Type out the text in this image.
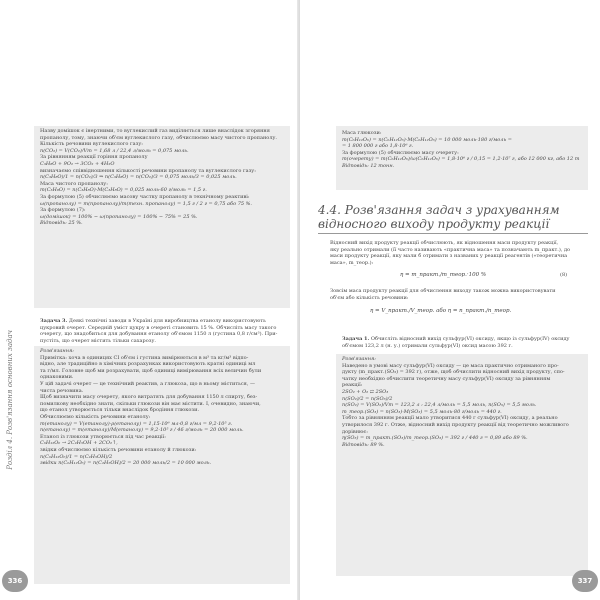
Назву домішок є інертними, то вуглекислий газ виділяється лише внаслідок згоряння
пропанолу, тому, знаючи об'єм вуглекислого газу, обчислюємо масу чистого пропанолу.
Кількість речовини вуглекислого газу:
n(CO₂) = V(CO₂)/Vm = 1,68 л / 22,4 л/моль = 0,075 моль.
За рівнянням реакції горіння пропанолу
C₃H₈O + 9O₂ → 3CO₂ + 4H₂O
визначаємо співвідношення кількості речовини пропанолу та вуглекислого газу:
n(C₃H₈O)/1 = n(CO₂)/3 ⇒ n(C₃H₈O) = n(CO₂)/3 = 0,075 моль/3 = 0,025 моль.
Маса чистого пропанолу:
m(C₃H₈O) = n(C₃H₈O)·M(C₃H₈O) = 0,025 моль·60 г/моль = 1,5 г.
За формулою (5) обчислюємо масову частку пропанолу в технічному реактиві:
ω(пропанолу) = m(пропанолу)/m(техн. пропанолу) = 1,5 г / 2 г = 0,75 або 75 %.
За формулою (7):
ω(домішок) = 100% − ω(пропанолу) = 100% − 75% = 25 %.
Відповідь: 25 %.
Задача 3. Деякі технічні заводи в Україні для виробництва етанолу використовують
цукровий очерет. Середній уміст цукру в очереті становить 15 %. Обчисліть масу такого
очерету, що знадобиться для добування етанолу об'ємом 1150 л (густина 0,8 г/см³). При-
пустіть, що очерет містить тільки сахарозу.
Розв'язання:
Примітка: хоча в одиницях СІ об'єм і густина вимірюються в м³ та кг/м³ відпо-
відно, але традиційно в хімічних розрахунках використовують кратні одиниці мл
та г/мл. Головне щоб ми розрахувати, щоб одиниці вимірювання всіх величин були
однаковими.
У цій задачі очерет — це технічний реактив, а глюкоза, що в ньому міститься, —
чиста речовина.
Щоб визначити масу очерету, якого витратять для добування 1150 л спирту, без-
помилкову необхідно знати, скільки глюкози він має містити. І, очевидно, знаючи,
що етанол утворюється тільки внаслідок бродіння глюкози.
Обчислюємо кількість речовини етанолу:
m(етанолу) = V(етанолу)·ρ(етанолу) = 1,15·10⁶ мл·0,8 г/мл = 9,2·10⁵ г.
n(етанолу) = m(етанолу)/M(етанолу) = 9,2·10⁵ г / 46 г/моль = 20 000 моль.
Етанол із глюкози утворюється під час реакції:
C₆H₁₂O₆ → 2C₂H₅OH + 2CO₂↑,
звідки обчислюємо кількість речовини етанолу й глюкози:
n(C₆H₁₂O₆)/1 = n(C₂H₅OH)/2
звідки n(C₆H₁₂O₆) = n(C₂H₅OH)/2 = 20 000 моль/2 = 10 000 моль.
Розділ 4. Розв'язання основних задач
336
Маса глюкози:
m(C₆H₁₂O₆) = n(C₆H₁₂O₆)·M(C₆H₁₂O₆) = 10 000 моль·180 г/моль =
= 1 800 000 г або 1,8·10⁶ г.
За формулою (5) обчислюємо масу очерету:
m(очерету) = m(C₆H₁₂O₆)/ω(C₆H₁₂O₆) = 1,8·10⁶ г / 0,15 = 1,2·10⁷ г, або 12 000 кг, або 12 т
Відповідь: 12 тонн.
4.4. Розв'язання задач з урахуванням відносного виходу продукту реакції
Відносний вихід продукту реакції обчислюють, як відношення маси продукту реакції,
яку реально отримали (її часто називають «практична маса» та позначають m_практ.), до
маси продукту реакції, яку мали б отримати з названих у реакції реагентів («теоретична
маса», m_теор.):
η = m_практ./m_теор.·100 %	(8)
Зовсім маса продукту реакції для обчислення виходу також можна використовувати
об'єм або кількість речовини:
η = V_практ./V_теор. або η = n_практ./n_теор.
Задача 1. Обчисліть відносний вихід сульфур(VI) оксиду, якщо із сульфур(IV) оксиду
об'ємом 123,2 л (н. у.) отримали сульфур(VI) оксид масою 392 г.
Розв'язання:
Наведено в умові масу сульфур(VI) оксиду — це маса практично отриманого про-
дукту (m_практ.(SO₃) = 392 г), отже, щоб обчислити відносний вихід продукту, спо-
чатку необхідно обчислити теоретичну масу сульфур(VI) оксиду за рівнянням
реакції:
2SO₂ + O₂ ⇄ 2SO₃
n(SO₂)/2 = n(SO₃)/2
n(SO₂) = V(SO₂)/Vm = 123,2 л : 22,4 л/моль = 5,5 моль, n(SO₃) = 5,5 моль.
m_теор.(SO₃) = n(SO₃)·M(SO₃) = 5,5 моль·80 г/моль = 440 г.
Тобто за рівнянням реакції мало утворитися 440 г сульфур(VI) оксиду, а реально
утворилося 392 г. Отже, відносний вихід продукту реакції від теоретично можливого
дорівнює:
η(SO₃) = m_практ.(SO₃)/m_теор.(SO₃) = 392 г / 440 г = 0,89 або 89 %.
Відповідь: 89 %.
337
